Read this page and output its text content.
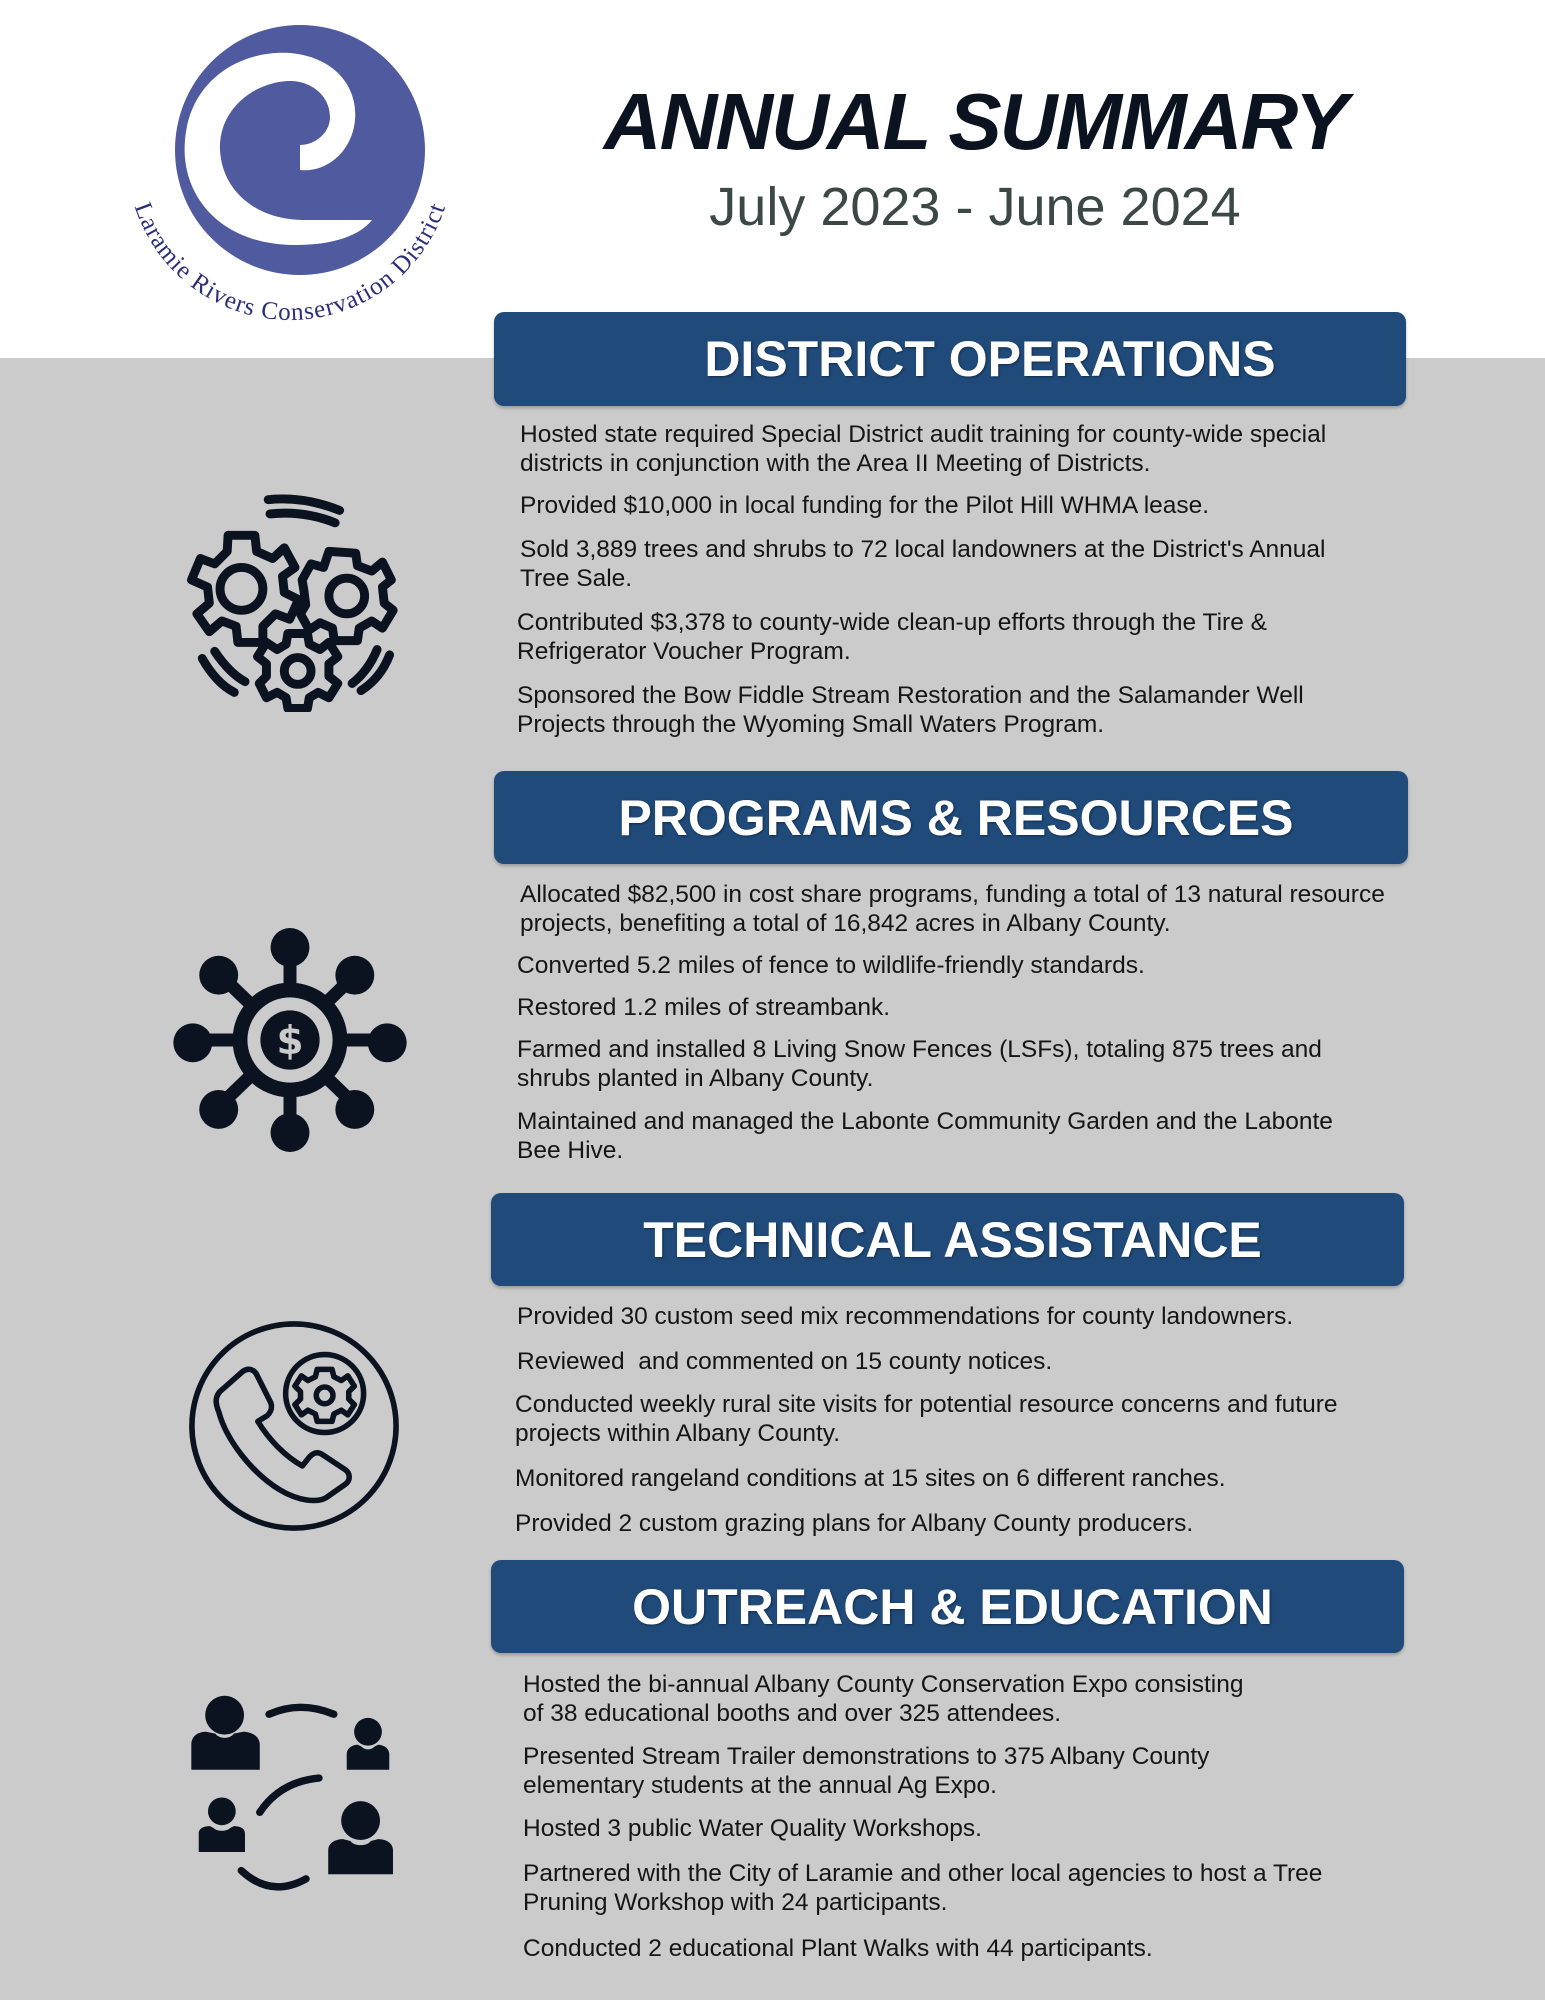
Laramie Rivers Conservation District
ANNUAL SUMMARY
July 2023 - June 2024
DISTRICT OPERATIONS

Hosted state required Special District audit training for county-wide special districts in conjunction with the Area II Meeting of Districts.

Provided $10,000 in local funding for the Pilot Hill WHMA lease.

Sold 3,889 trees and shrubs to 72 local landowners at the District's Annual Tree Sale.

Contributed $3,378 to county-wide clean-up efforts through the Tire & Refrigerator Voucher Program.

Sponsored the Bow Fiddle Stream Restoration and the Salamander Well Projects through the Wyoming Small Waters Program.

PROGRAMS & RESOURCES
$

Allocated $82,500 in cost share programs, funding a total of 13 natural resource projects, benefiting a total of 16,842 acres in Albany County.

Converted 5.2 miles of fence to wildlife-friendly standards.

Restored 1.2 miles of streambank.

Farmed and installed 8 Living Snow Fences (LSFs), totaling 875 trees and shrubs planted in Albany County.

Maintained and managed the Labonte Community Garden and the Labonte Bee Hive.

TECHNICAL ASSISTANCE

Provided 30 custom seed mix recommendations for county landowners.

Reviewed  and commented on 15 county notices.

Conducted weekly rural site visits for potential resource concerns and future projects within Albany County.

Monitored rangeland conditions at 15 sites on 6 different ranches.

Provided 2 custom grazing plans for Albany County producers.

OUTREACH & EDUCATION

Hosted the bi-annual Albany County Conservation Expo consisting of 38 educational booths and over 325 attendees.

Presented Stream Trailer demonstrations to 375 Albany County elementary students at the annual Ag Expo.

Hosted 3 public Water Quality Workshops.

Partnered with the City of Laramie and other local agencies to host a Tree Pruning Workshop with 24 participants.

Conducted 2 educational Plant Walks with 44 participants.
